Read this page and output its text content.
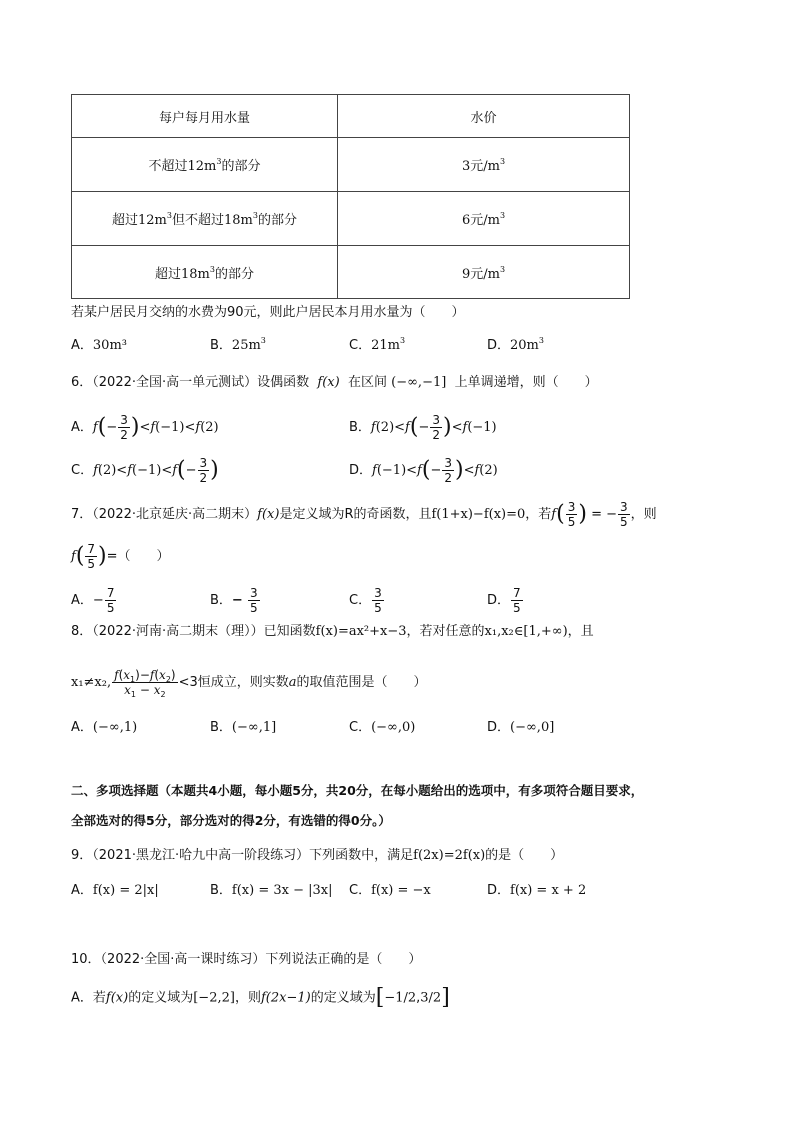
每户每月用水量	水价
不超过$12m^3$的部分	3元$/m^3$
超过$12m^3$但不超过$18m^3$的部分	6元$/m^3$
超过$18m^3$的部分	9元$/m^3$
若某户居民月交纳的水费为90元，则此户居民本月用水量为（　　）
A．30m³	B．$25m^3$	C．$21m^3$	D．$20m^3$
6．（2022·全国·高一单元测试）设偶函数 f(x) 在区间 (−∞,−1] 上单调递增，则（　　）
A．$f(- \frac{3}{2} )<f(-1)<f(2)$	B．$f(2)<f(- \frac{3}{2} )<f(-1)$
C．$f(2)<f(-1)<f(- \frac{3}{2}$ )	D．$f(-1)<f(- \frac{3}{2} )<f(2)$
7．（2022·北京延庆·高二期末）f(x)是定义域为R的奇函数，且f(1+x)−f(x)=0，若$f( \frac{3}{5}$ ) = − $\frac{3}{5}$ ，则
$f( \frac{7}{5}$ )=（　　）
A．− $\frac{7}{5}$	B．− $\frac{3}{5}$	C． $\frac{3}{5}$	D． $\frac{7}{5}$
8．（2022·河南·高二期末（理））已知函数f(x)=ax²+x−3，若对任意的x₁,x₂∈[1,+∞)，且
x₁≠x₂, $\frac{f(x_1)-f(x_2)}{x_1 - x_2} <3$恒成立，则实数a的取值范围是（　　）
A．(−∞,1)	B．(−∞,1]	C．(−∞,0)	D．(−∞,0]
二、多项选择题（本题共4小题，每小题5分，共20分，在每小题给出的选项中，有多项符合题目要求，
全部选对的得5分，部分选对的得2分，有选错的得0分。）
9．（2021·黑龙江·哈九中高一阶段练习）下列函数中，满足f(2x)=2f(x)的是（　　）
A．f(x) = 2|x|	B．f(x) = 3x − |3x| C．f(x) = −x	D．f(x) = x + 2
10．（2022·全国·高一课时练习）下列说法正确的是（　　）
A．若f(x)的定义域为[−2,2]，则f(2x−1)的定义域为[−1/2,3/2]
